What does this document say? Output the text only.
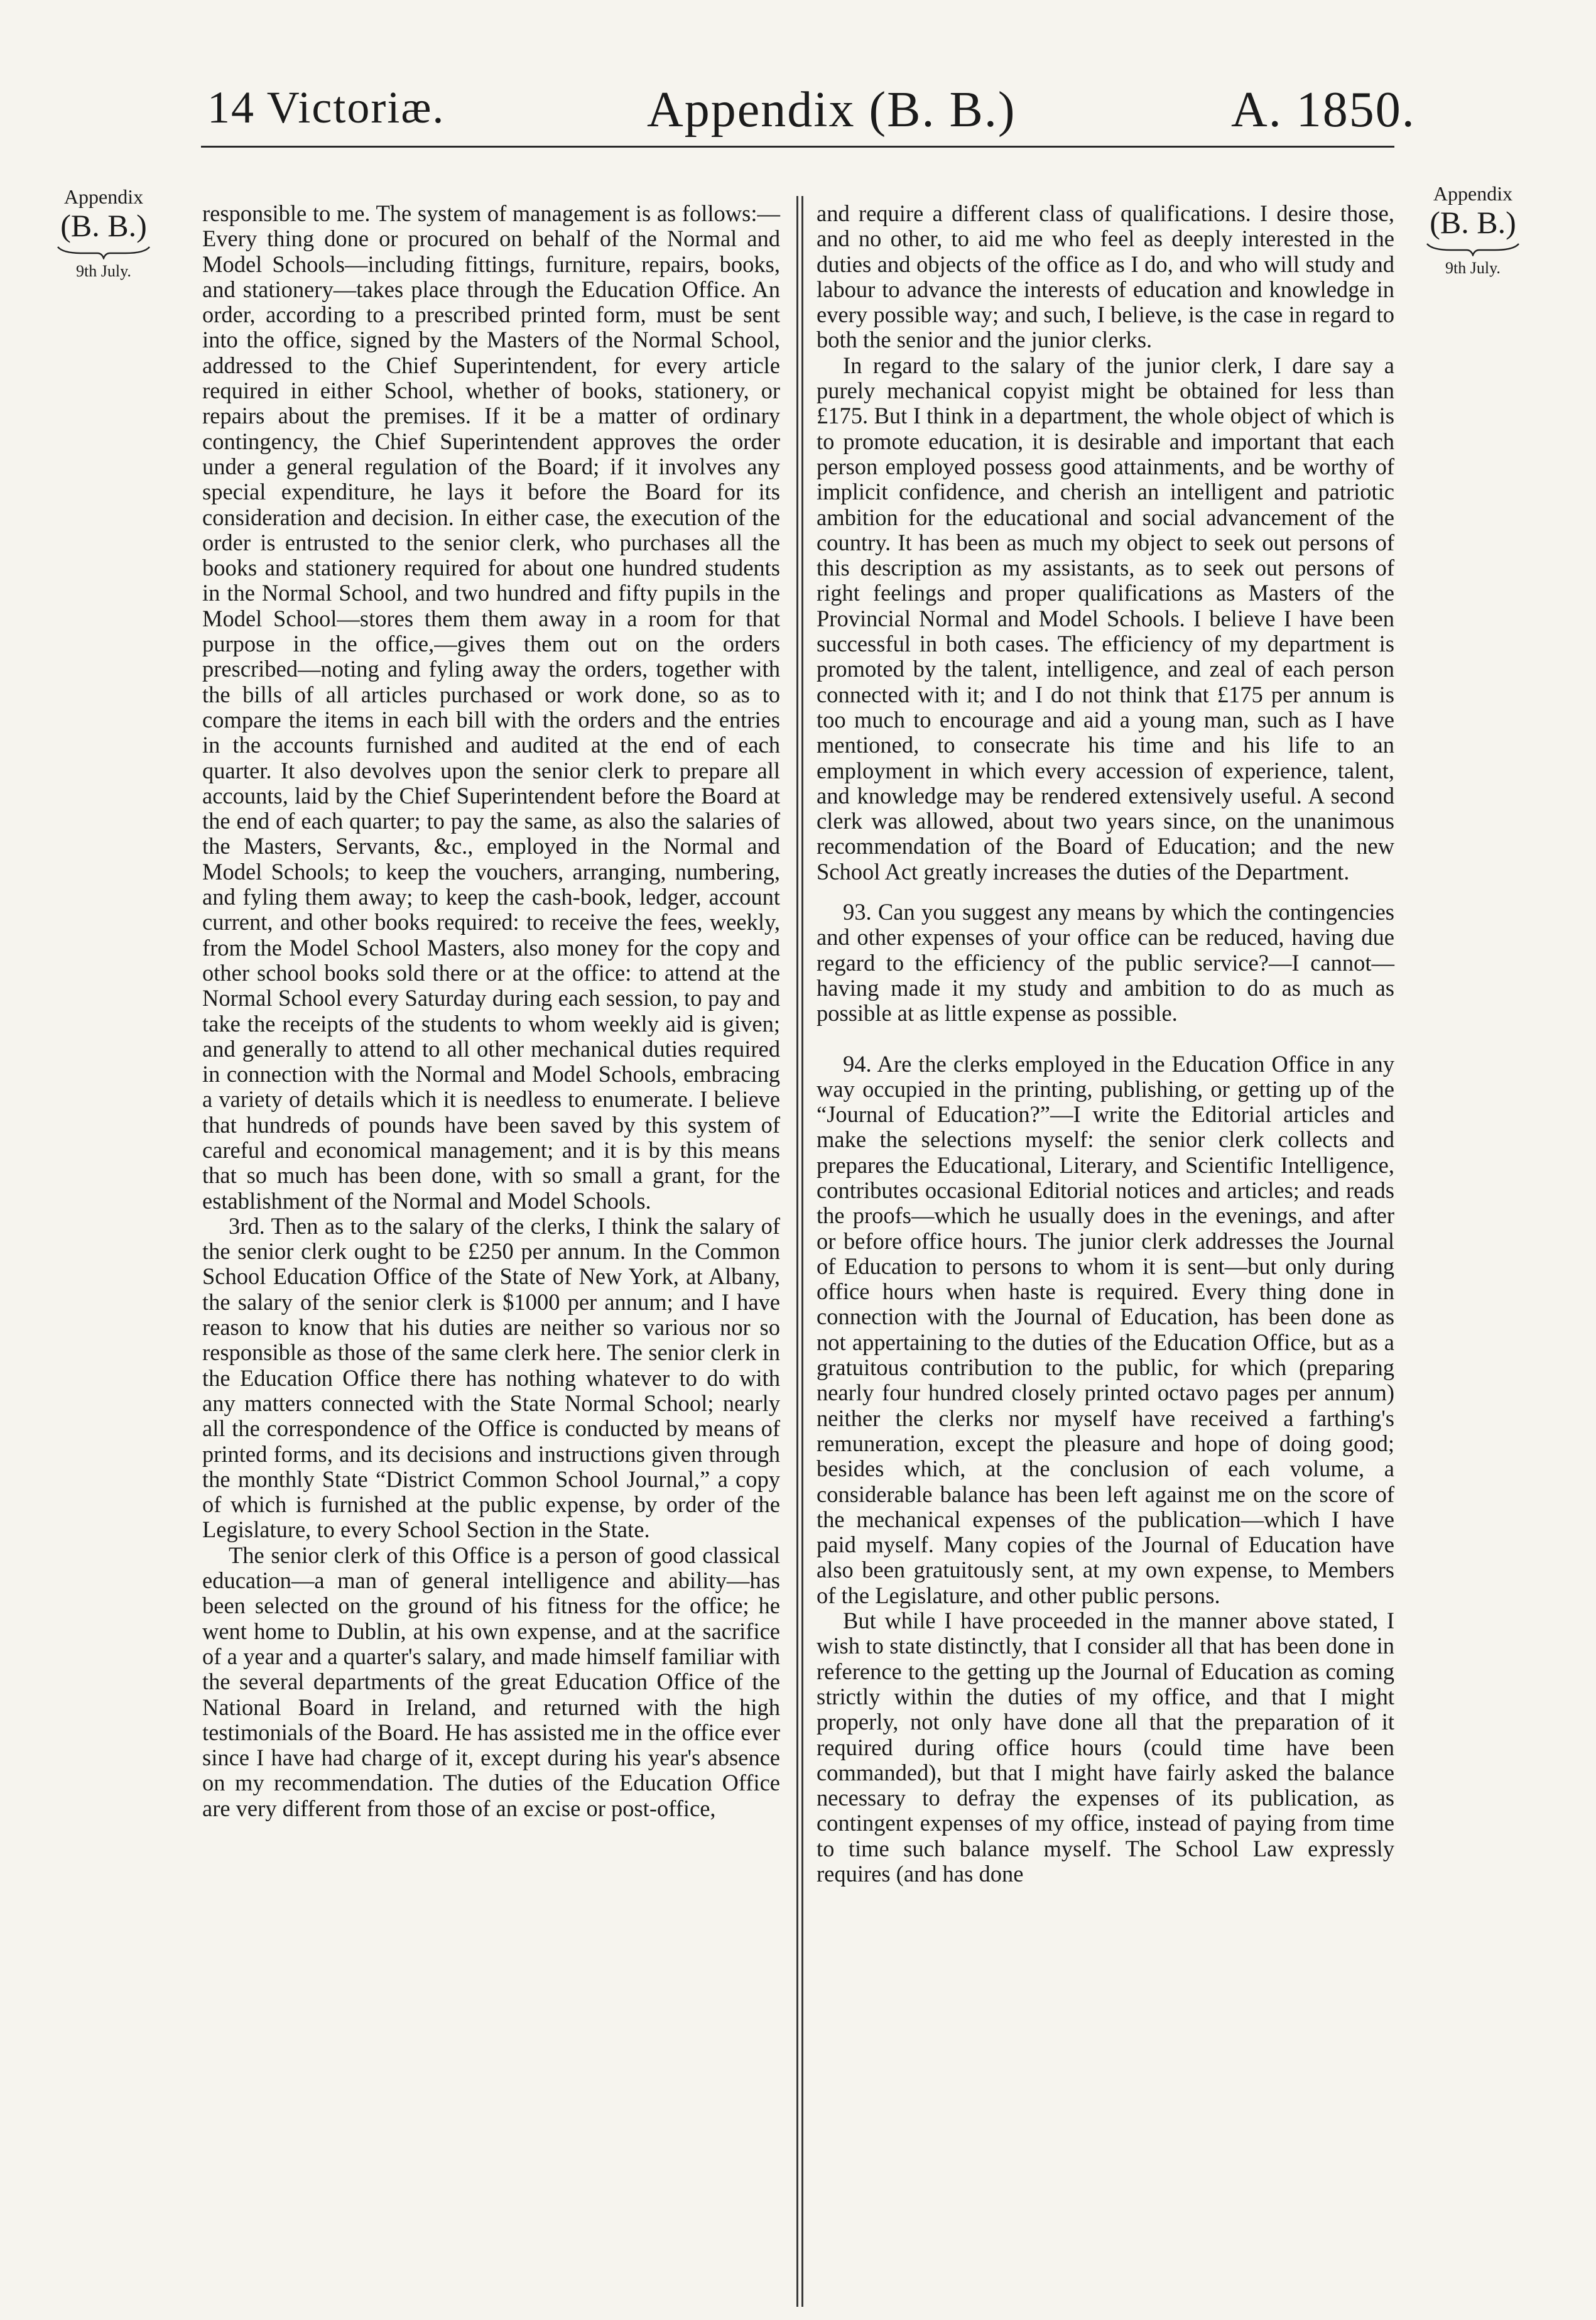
14 Victoriæ.	Appendix (B. B.)	A. 1850.
Appendix
(B. B.)
9th July.
Appendix
(B. B.)
9th July.

responsible to me. The system of management is as follows:—Every thing done or procured on behalf of the Normal and Model Schools—including fittings, furniture, repairs, books, and stationery—takes place through the Education Office. An order, according to a prescribed printed form, must be sent into the office, signed by the Masters of the Normal School, addressed to the Chief Superintendent, for every article required in either School, whether of books, stationery, or repairs about the premises. If it be a matter of ordinary contingency, the Chief Superintendent approves the order under a general regulation of the Board; if it involves any special expenditure, he lays it before the Board for its consideration and decision. In either case, the execution of the order is entrusted to the senior clerk, who purchases all the books and stationery required for about one hundred students in the Normal School, and two hundred and fifty pupils in the Model School—stores them them away in a room for that purpose in the office,—gives them out on the orders prescribed—noting and fyling away the orders, together with the bills of all articles purchased or work done, so as to compare the items in each bill with the orders and the entries in the accounts furnished and audited at the end of each quarter. It also devolves upon the senior clerk to prepare all accounts, laid by the Chief Superintendent before the Board at the end of each quarter; to pay the same, as also the salaries of the Masters, Servants, &c., employed in the Normal and Model Schools; to keep the vouchers, arranging, numbering, and fyling them away; to keep the cash-book, ledger, account current, and other books required: to receive the fees, weekly, from the Model School Masters, also money for the copy and other school books sold there or at the office: to attend at the Normal School every Saturday during each session, to pay and take the receipts of the students to whom weekly aid is given; and generally to attend to all other mechanical duties required in connection with the Normal and Model Schools, embracing a variety of details which it is needless to enumerate. I believe that hundreds of pounds have been saved by this system of careful and economical management; and it is by this means that so much has been done, with so small a grant, for the establishment of the Normal and Model Schools.

3rd. Then as to the salary of the clerks, I think the salary of the senior clerk ought to be £250 per annum. In the Common School Education Office of the State of New York, at Albany, the salary of the senior clerk is $1000 per annum; and I have reason to know that his duties are neither so various nor so responsible as those of the same clerk here. The senior clerk in the Education Office there has nothing whatever to do with any matters connected with the State Normal School; nearly all the correspondence of the Office is conducted by means of printed forms, and its decisions and instructions given through the monthly State “District Common School Journal,” a copy of which is furnished at the public expense, by order of the Legislature, to every School Section in the State.

The senior clerk of this Office is a person of good classical education—a man of general intelligence and ability—has been selected on the ground of his fitness for the office; he went home to Dublin, at his own expense, and at the sacrifice of a year and a quarter's salary, and made himself familiar with the several departments of the great Education Office of the National Board in Ireland, and returned with the high testimonials of the Board. He has assisted me in the office ever since I have had charge of it, except during his year's absence on my recommendation. The duties of the Education Office are very different from those of an excise or post-office,

and require a different class of qualifications. I desire those, and no other, to aid me who feel as deeply interested in the duties and objects of the office as I do, and who will study and labour to advance the interests of education and knowledge in every possible way; and such, I believe, is the case in regard to both the senior and the junior clerks.

In regard to the salary of the junior clerk, I dare say a purely mechanical copyist might be obtained for less than £175. But I think in a department, the whole object of which is to promote education, it is desirable and important that each person employed possess good attainments, and be worthy of implicit confidence, and cherish an intelligent and patriotic ambition for the educational and social advancement of the country. It has been as much my object to seek out persons of this description as my assistants, as to seek out persons of right feelings and proper qualifications as Masters of the Provincial Normal and Model Schools. I believe I have been successful in both cases. The efficiency of my department is promoted by the talent, intelligence, and zeal of each person connected with it; and I do not think that £175 per annum is too much to encourage and aid a young man, such as I have mentioned, to consecrate his time and his life to an employment in which every accession of experience, talent, and knowledge may be rendered extensively useful. A second clerk was allowed, about two years since, on the unanimous recommendation of the Board of Education; and the new School Act greatly increases the duties of the Department.

93. Can you suggest any means by which the contingencies and other expenses of your office can be reduced, having due regard to the efficiency of the public service?—I cannot—having made it my study and ambition to do as much as possible at as little expense as possible.

94. Are the clerks employed in the Education Office in any way occupied in the printing, publishing, or getting up of the “Journal of Education?”—I write the Editorial articles and make the selections myself: the senior clerk collects and prepares the Educational, Literary, and Scientific Intelligence, contributes occasional Editorial notices and articles; and reads the proofs—which he usually does in the evenings, and after or before office hours. The junior clerk addresses the Journal of Education to persons to whom it is sent—but only during office hours when haste is required. Every thing done in connection with the Journal of Education, has been done as not appertaining to the duties of the Education Office, but as a gratuitous contribution to the public, for which (preparing nearly four hundred closely printed octavo pages per annum) neither the clerks nor myself have received a farthing's remuneration, except the pleasure and hope of doing good; besides which, at the conclusion of each volume, a considerable balance has been left against me on the score of the mechanical expenses of the publication—which I have paid myself. Many copies of the Journal of Education have also been gratuitously sent, at my own expense, to Members of the Legislature, and other public persons.

But while I have proceeded in the manner above stated, I wish to state distinctly, that I consider all that has been done in reference to the getting up the Journal of Education as coming strictly within the duties of my office, and that I might properly, not only have done all that the preparation of it required during office hours (could time have been commanded), but that I might have fairly asked the balance necessary to defray the expenses of its publication, as contingent expenses of my office, instead of paying from time to time such balance myself. The School Law expressly requires (and has done
